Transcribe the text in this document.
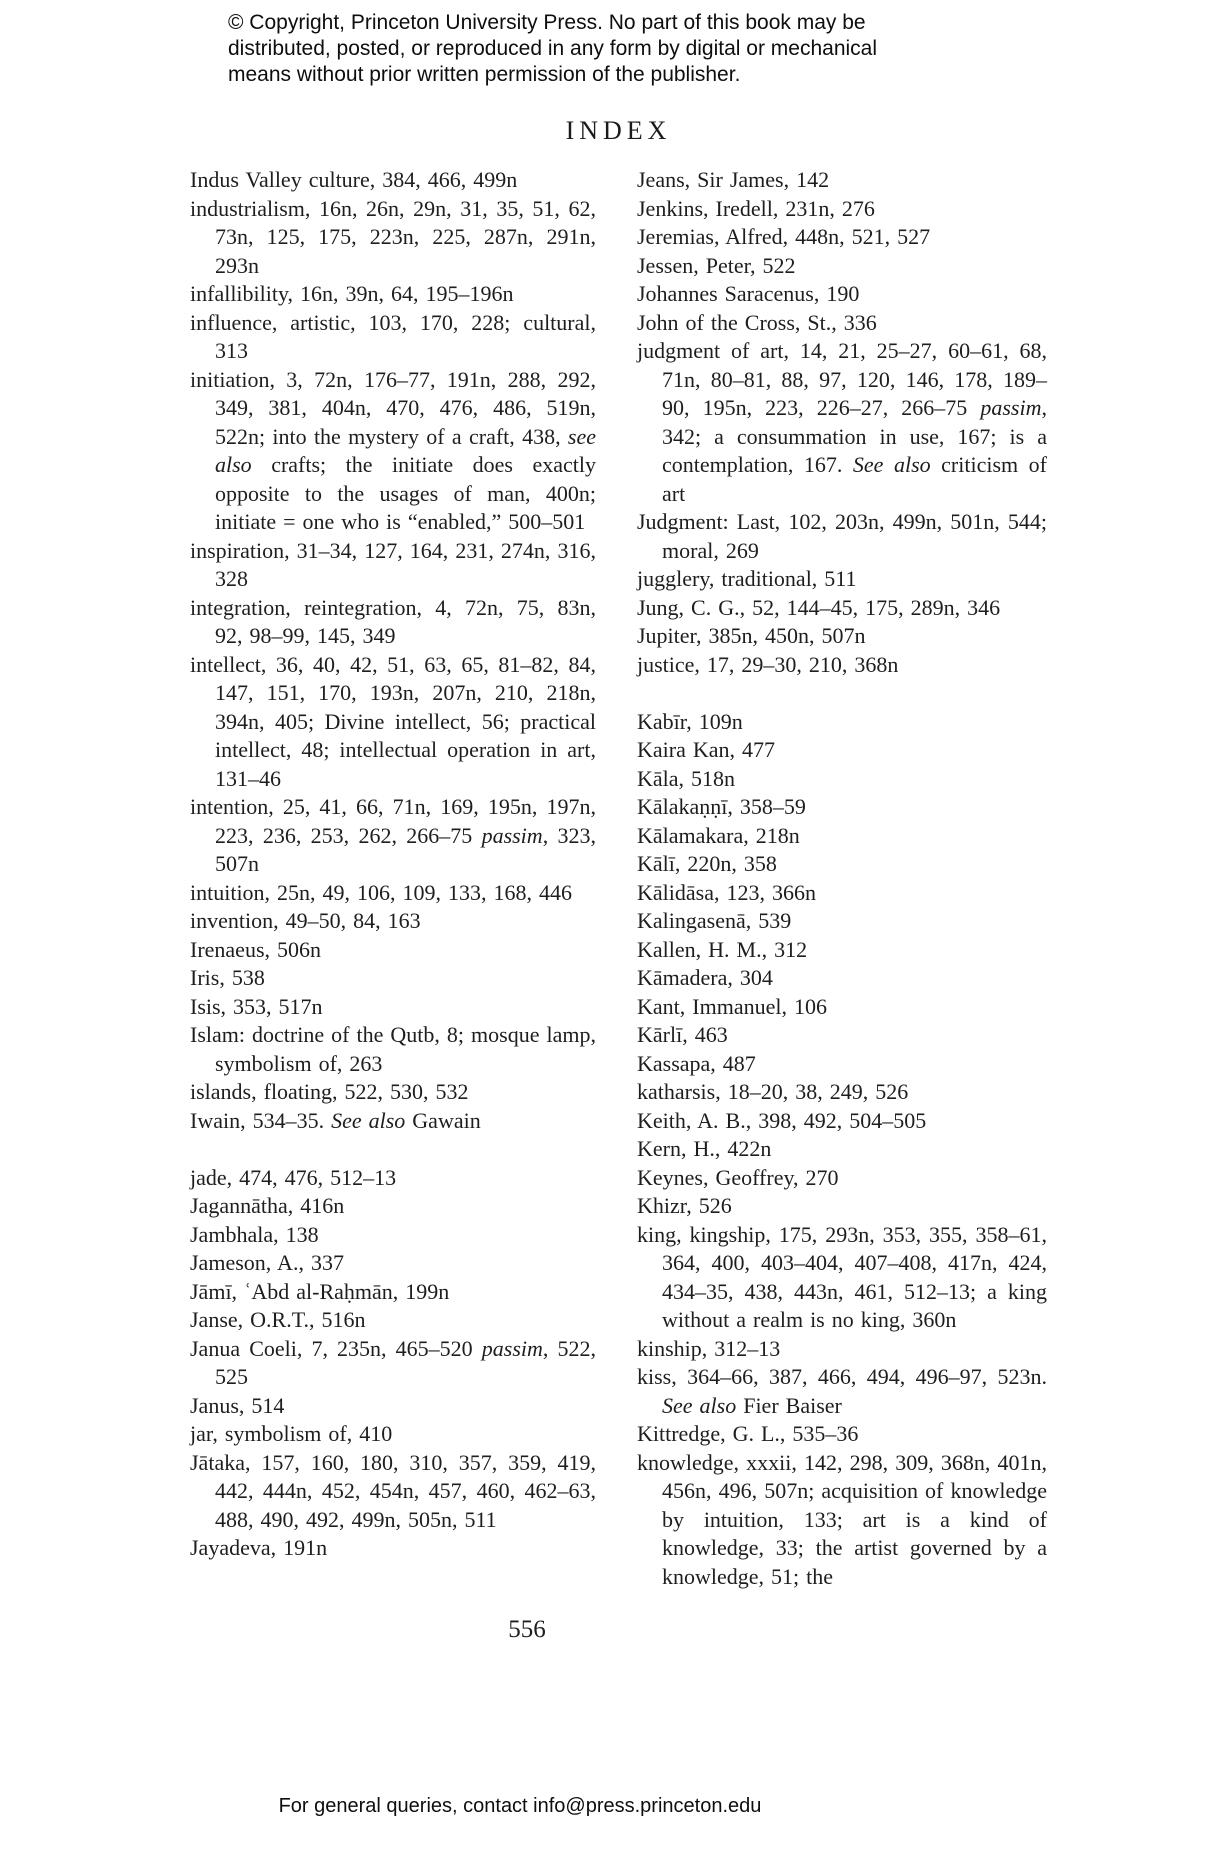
© Copyright, Princeton University Press. No part of this book may be
distributed, posted, or reproduced in any form by digital or mechanical
means without prior written permission of the publisher.
INDEX

Indus Valley culture, 384, 466, 499n

industrialism, 16n, 26n, 29n, 31, 35, 51, 62, 73n, 125, 175, 223n, 225, 287n, 291n, 293n

infallibility, 16n, 39n, 64, 195–196n

influence, artistic, 103, 170, 228; cultural, 313

initiation, 3, 72n, 176–77, 191n, 288, 292, 349, 381, 404n, 470, 476, 486, 519n, 522n; into the mystery of a craft, 438, see also crafts; the initiate does exactly opposite to the usages of man, 400n; initiate = one who is “enabled,” 500–501

inspiration, 31–34, 127, 164, 231, 274n, 316, 328

integration, reintegration, 4, 72n, 75, 83n, 92, 98–99, 145, 349

intellect, 36, 40, 42, 51, 63, 65, 81–82, 84, 147, 151, 170, 193n, 207n, 210, 218n, 394n, 405; Divine intellect, 56; practical intellect, 48; intellectual operation in art, 131–46

intention, 25, 41, 66, 71n, 169, 195n, 197n, 223, 236, 253, 262, 266–75 passim, 323, 507n

intuition, 25n, 49, 106, 109, 133, 168, 446

invention, 49–50, 84, 163

Irenaeus, 506n

Iris, 538

Isis, 353, 517n

Islam: doctrine of the Qutb, 8; mosque lamp, symbolism of, 263

islands, floating, 522, 530, 532

Iwain, 534–35. See also Gawain

jade, 474, 476, 512–13

Jagannātha, 416n

Jambhala, 138

Jameson, A., 337

Jāmī, ʿAbd al-Raḥmān, 199n

Janse, O.R.T., 516n

Janua Coeli, 7, 235n, 465–520 passim, 522, 525

Janus, 514

jar, symbolism of, 410

Jātaka, 157, 160, 180, 310, 357, 359, 419, 442, 444n, 452, 454n, 457, 460, 462–63, 488, 490, 492, 499n, 505n, 511

Jayadeva, 191n

Jeans, Sir James, 142

Jenkins, Iredell, 231n, 276

Jeremias, Alfred, 448n, 521, 527

Jessen, Peter, 522

Johannes Saracenus, 190

John of the Cross, St., 336

judgment of art, 14, 21, 25–27, 60–61, 68, 71n, 80–81, 88, 97, 120, 146, 178, 189–90, 195n, 223, 226–27, 266–75 passim, 342; a consummation in use, 167; is a contemplation, 167. See also criticism of art

Judgment: Last, 102, 203n, 499n, 501n, 544; moral, 269

jugglery, traditional, 511

Jung, C. G., 52, 144–45, 175, 289n, 346

Jupiter, 385n, 450n, 507n

justice, 17, 29–30, 210, 368n

Kabīr, 109n

Kaira Kan, 477

Kāla, 518n

Kālakaṇṇī, 358–59

Kālamakara, 218n

Kālī, 220n, 358

Kālidāsa, 123, 366n

Kalingasenā, 539

Kallen, H. M., 312

Kāmadera, 304

Kant, Immanuel, 106

Kārlī, 463

Kassapa, 487

katharsis, 18–20, 38, 249, 526

Keith, A. B., 398, 492, 504–505

Kern, H., 422n

Keynes, Geoffrey, 270

Khizr, 526

king, kingship, 175, 293n, 353, 355, 358–61, 364, 400, 403–404, 407–408, 417n, 424, 434–35, 438, 443n, 461, 512–13; a king without a realm is no king, 360n

kinship, 312–13

kiss, 364–66, 387, 466, 494, 496–97, 523n. See also Fier Baiser

Kittredge, G. L., 535–36

knowledge, xxxii, 142, 298, 309, 368n, 401n, 456n, 496, 507n; acquisition of knowledge by intuition, 133; art is a kind of knowledge, 33; the artist governed by a knowledge, 51; the

556
For general queries, contact info@press.princeton.edu
